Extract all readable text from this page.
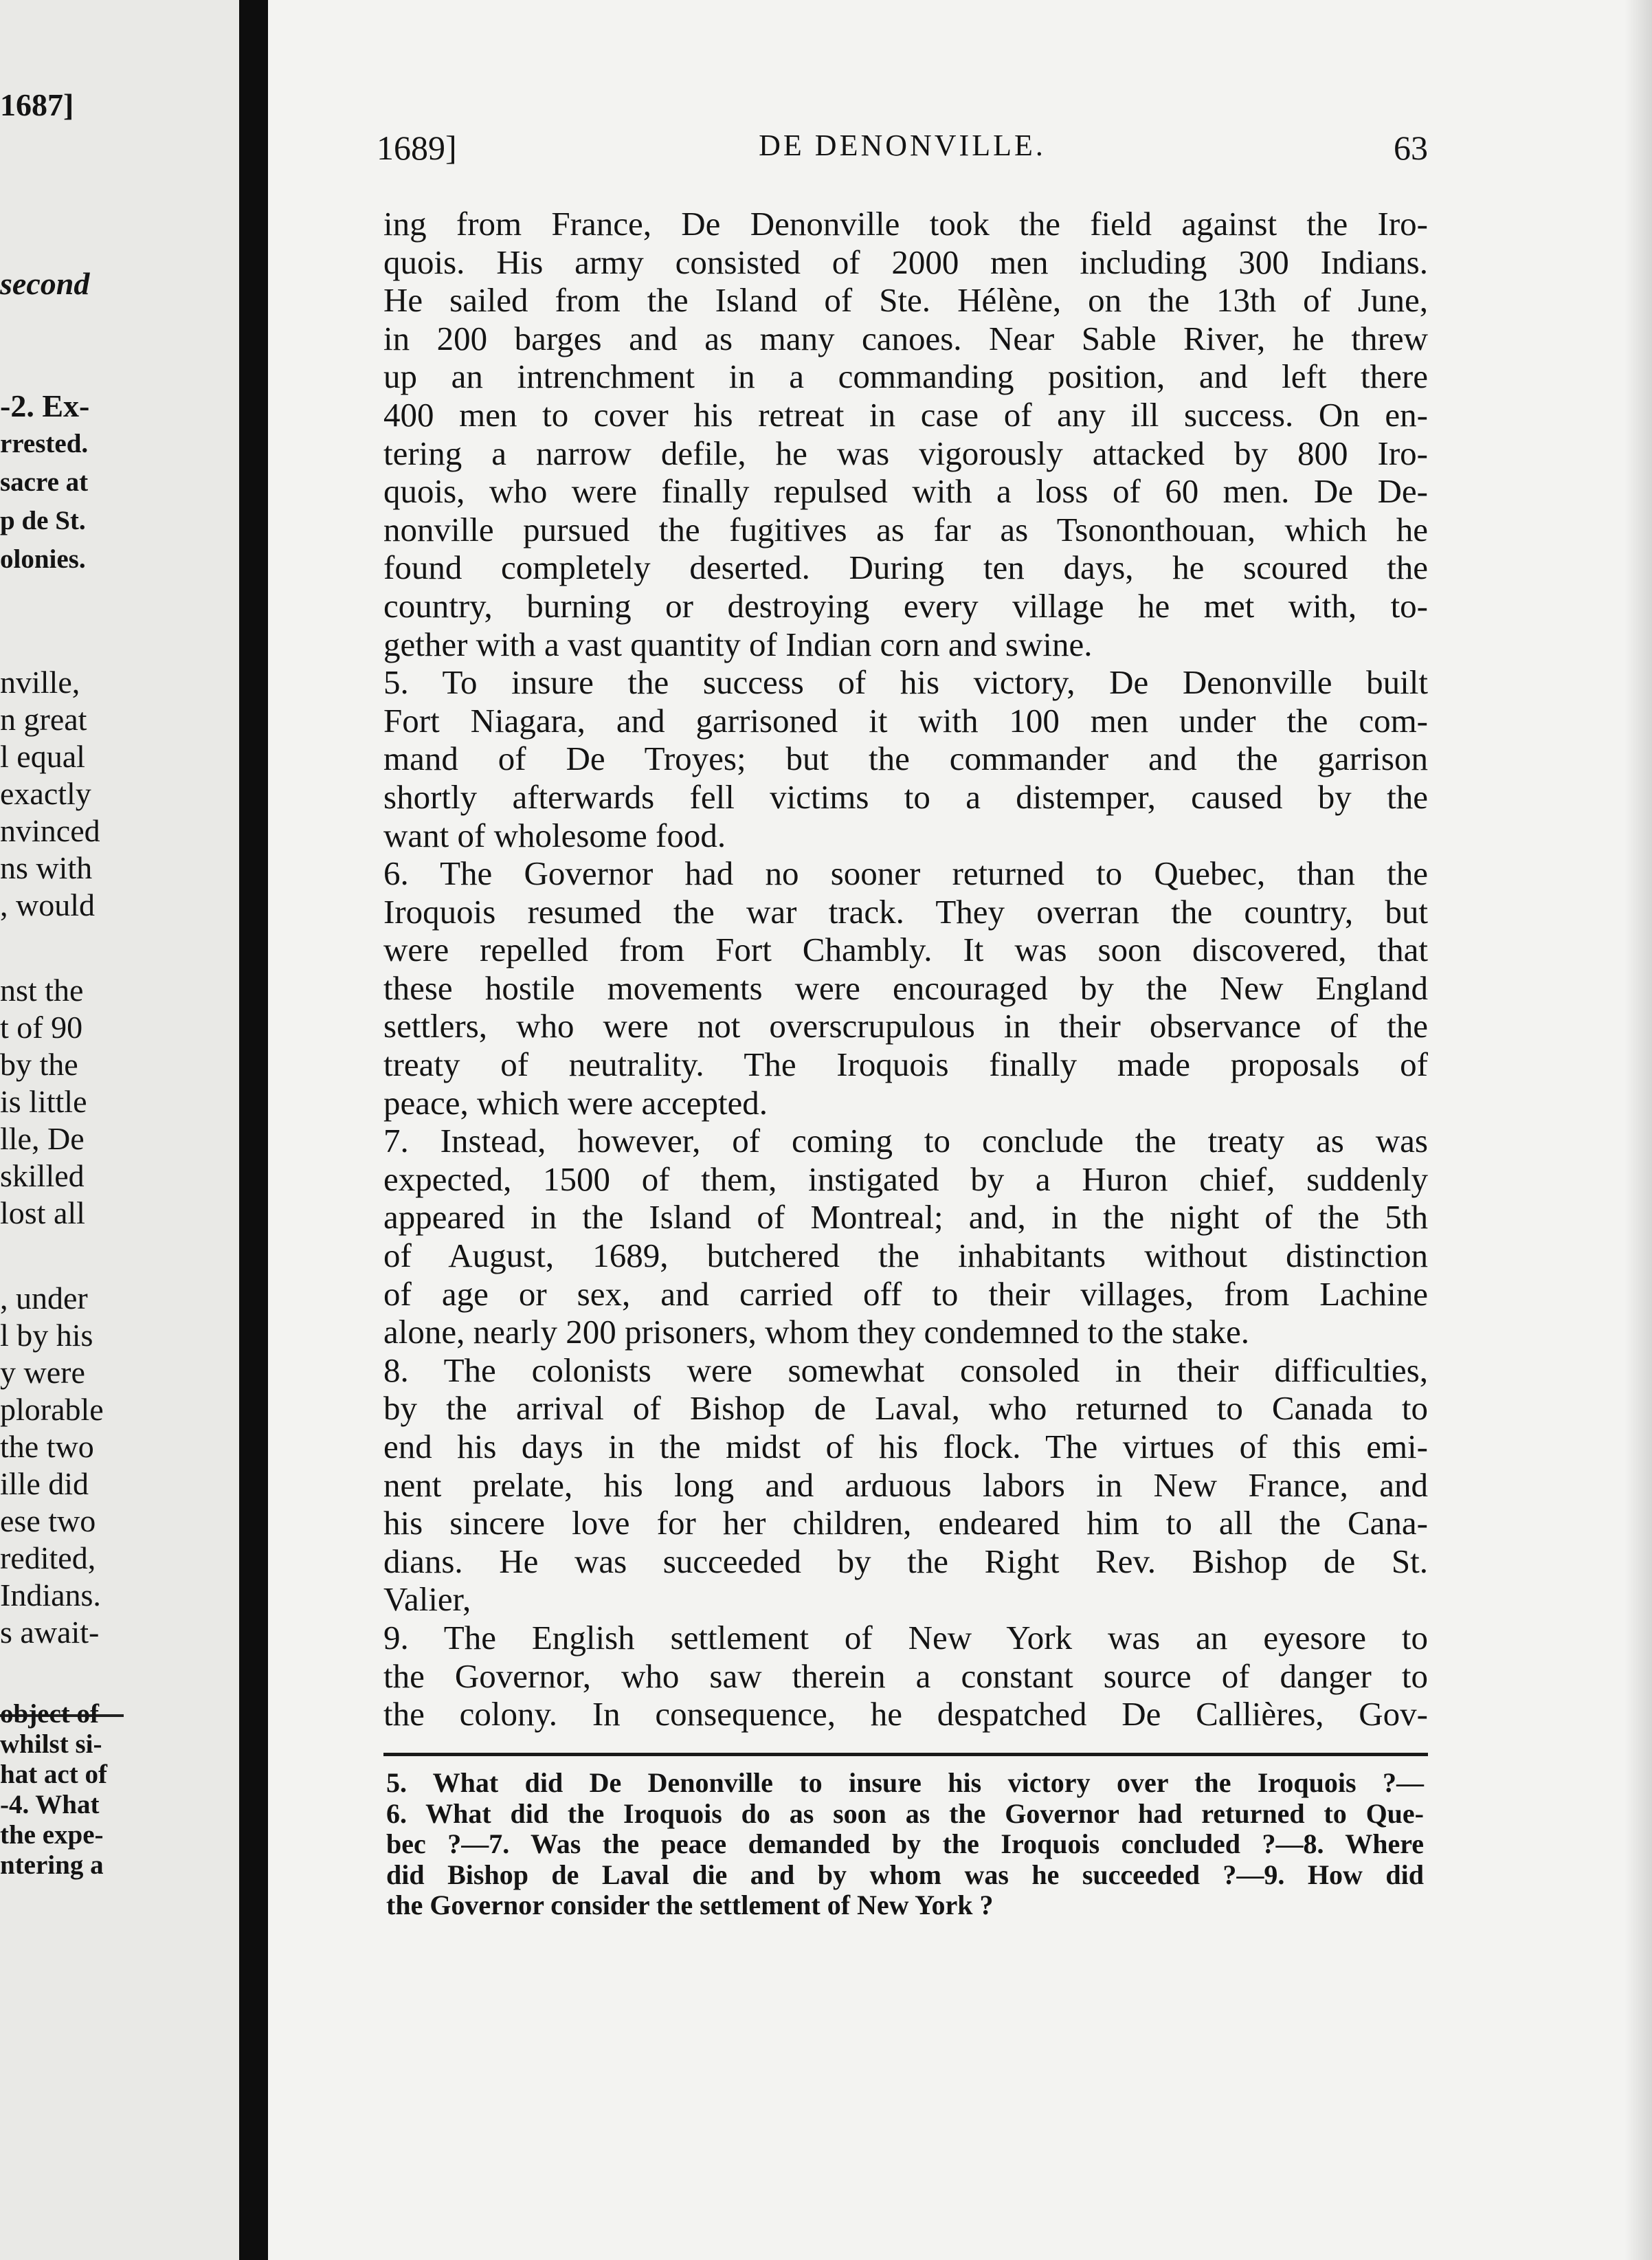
1687]
second
-2. Ex-
rrested.
sacre at
p de St.
olonies.
nville,
n great
l equal
exactly
nvinced
ns with
, would
nst the
t of 90
by the
is little
lle, De
skilled
lost all
, under
l by his
y were
plorable
the two
ille did
ese two
redited,
Indians.
s await-
object of
whilst si-
hat act of
-4. What
the expe-
ntering a
1689]	DE DENONVILLE.	63
ing from France, De Denonville took the field against the Iro-
quois. His army consisted of 2000 men including 300 Indians.
He sailed from the Island of Ste. Hélène, on the 13th of June,
in 200 barges and as many canoes. Near Sable River, he threw
up an intrenchment in a commanding position, and left there
400 men to cover his retreat in case of any ill success. On en-
tering a narrow defile, he was vigorously attacked by 800 Iro-
quois, who were finally repulsed with a loss of 60 men. De De-
nonville pursued the fugitives as far as Tsononthouan, which he
found completely deserted. During ten days, he scoured the
country, burning or destroying every village he met with, to-
gether with a vast quantity of Indian corn and swine.
5. To insure the success of his victory, De Denonville built
Fort Niagara, and garrisoned it with 100 men under the com-
mand of De Troyes; but the commander and the garrison
shortly afterwards fell victims to a distemper, caused by the
want of wholesome food.
6. The Governor had no sooner returned to Quebec, than the
Iroquois resumed the war track. They overran the country, but
were repelled from Fort Chambly. It was soon discovered, that
these hostile movements were encouraged by the New England
settlers, who were not overscrupulous in their observance of the
treaty of neutrality. The Iroquois finally made proposals of
peace, which were accepted.
7. Instead, however, of coming to conclude the treaty as was
expected, 1500 of them, instigated by a Huron chief, suddenly
appeared in the Island of Montreal; and, in the night of the 5th
of August, 1689, butchered the inhabitants without distinction
of age or sex, and carried off to their villages, from Lachine
alone, nearly 200 prisoners, whom they condemned to the stake.
8. The colonists were somewhat consoled in their difficulties,
by the arrival of Bishop de Laval, who returned to Canada to
end his days in the midst of his flock. The virtues of this emi-
nent prelate, his long and arduous labors in New France, and
his sincere love for her children, endeared him to all the Cana-
dians. He was succeeded by the Right Rev. Bishop de St.
Valier,
9. The English settlement of New York was an eyesore to
the Governor, who saw therein a constant source of danger to
the colony. In consequence, he despatched De Callières, Gov-
5. What did De Denonville to insure his victory over the Iroquois ?—
6. What did the Iroquois do as soon as the Governor had returned to Que-
bec ?—7. Was the peace demanded by the Iroquois concluded ?—8. Where
did Bishop de Laval die and by whom was he succeeded ?—9. How did
the Governor consider the settlement of New York ?
